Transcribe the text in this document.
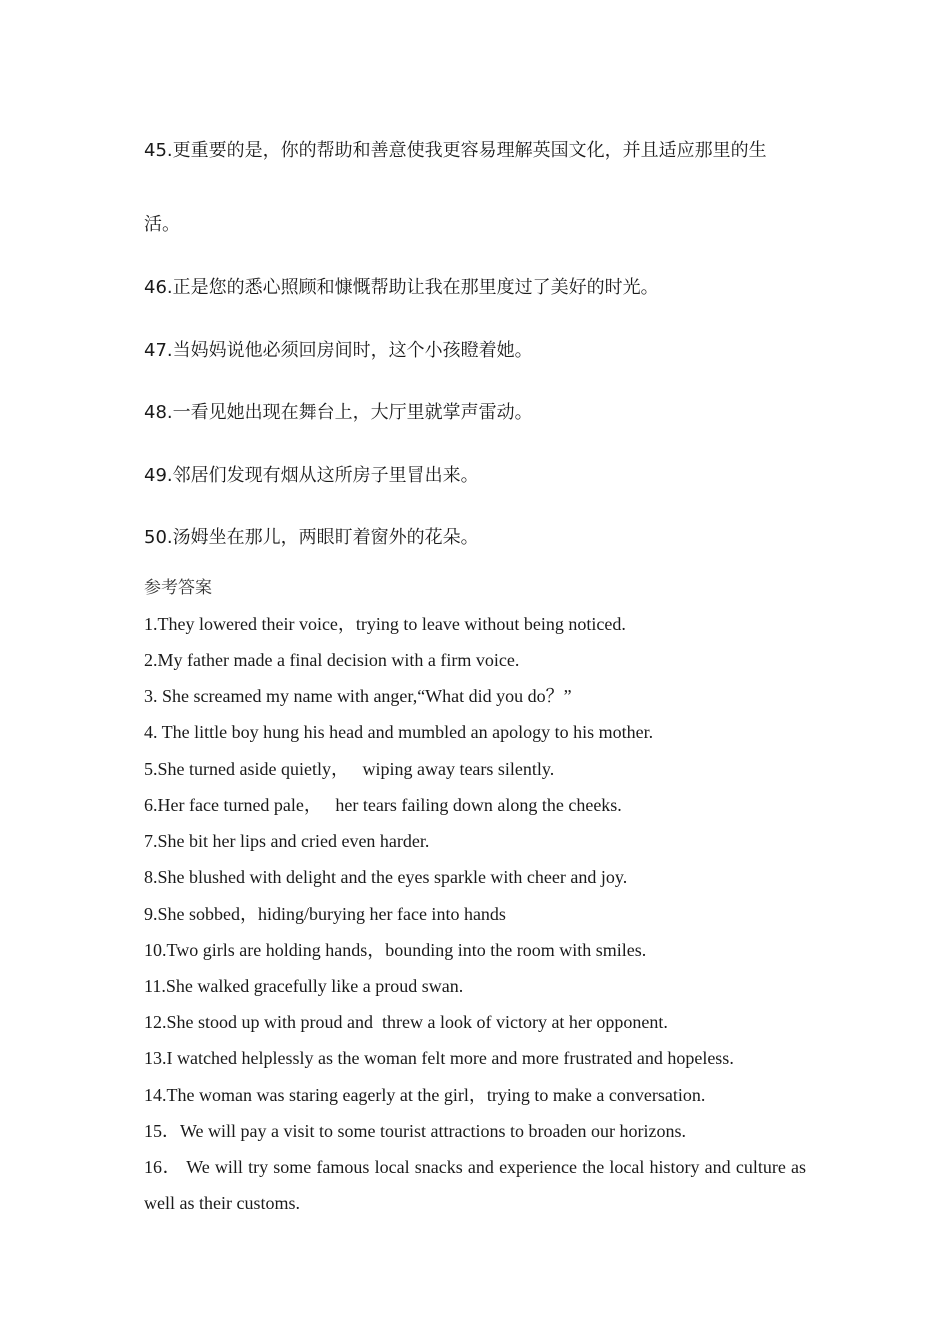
45.更重要的是，你的帮助和善意使我更容易理解英国文化，并且适应那里的生
活。
46.正是您的悉心照顾和慷慨帮助让我在那里度过了美好的时光。
47.当妈妈说他必须回房间时，这个小孩瞪着她。
48.一看见她出现在舞台上，大厅里就掌声雷动。
49.邻居们发现有烟从这所房子里冒出来。
50.汤姆坐在那儿，两眼盯着窗外的花朵。
参考答案
1.They lowered their voice，trying to leave without being noticed.
2.My father made a final decision with a firm voice.
3. She screamed my name with anger,“What did you do？”
4. The little boy hung his head and mumbled an apology to his mother.
5.She turned aside quietly，   wiping away tears silently.
6.Her face turned pale，   her tears failing down along the cheeks.
7.She bit her lips and cried even harder.
8.She blushed with delight and the eyes sparkle with cheer and joy.
9.She sobbed，hiding/burying her face into hands
10.Two girls are holding hands，bounding into the room with smiles.
11.She walked gracefully like a proud swan.
12.She stood up with proud and  threw a look of victory at her opponent.
13.I watched helplessly as the woman felt more and more frustrated and hopeless.
14.The woman was staring eagerly at the girl，trying to make a conversation.
15．We will pay a visit to some tourist attractions to broaden our horizons.
16． We will try some famous local snacks and experience the local history and culture as well as their customs.
